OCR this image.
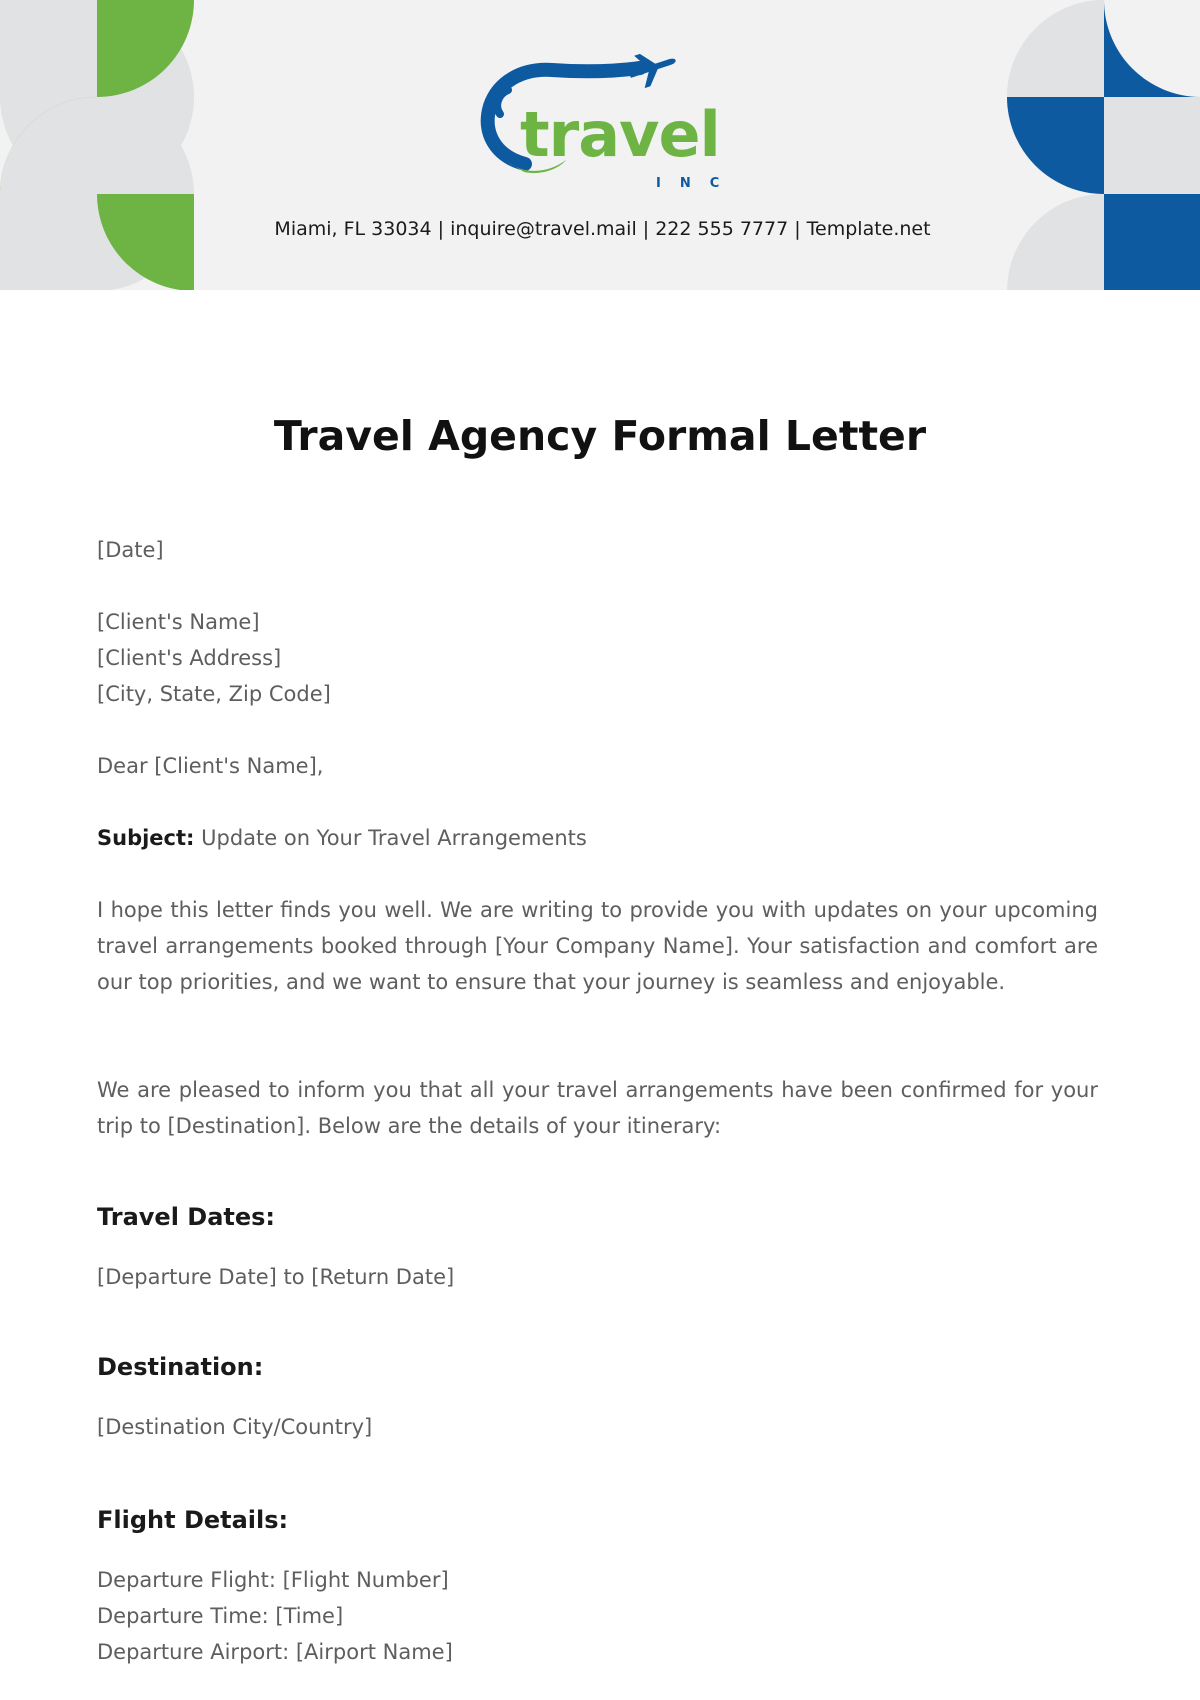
travel
INC
Miami, FL 33034 | inquire@travel.mail | 222 555 7777 | Template.net
Travel Agency Formal Letter

[Date]

[Client's Name]
[Client's Address]
[City, State, Zip Code]

Dear [Client's Name],

Subject: Update on Your Travel Arrangements

I hope this letter finds you well. We are writing to provide you with updates on your upcoming travel arrangements booked through [Your Company Name]. Your satisfaction and comfort are our top priorities, and we want to ensure that your journey is seamless and enjoyable.

We are pleased to inform you that all your travel arrangements have been confirmed for your trip to [Destination]. Below are the details of your itinerary:

Travel Dates:

[Departure Date] to [Return Date]

Destination:

[Destination City/Country]

Flight Details:

Departure Flight: [Flight Number]
Departure Time: [Time]
Departure Airport: [Airport Name]
